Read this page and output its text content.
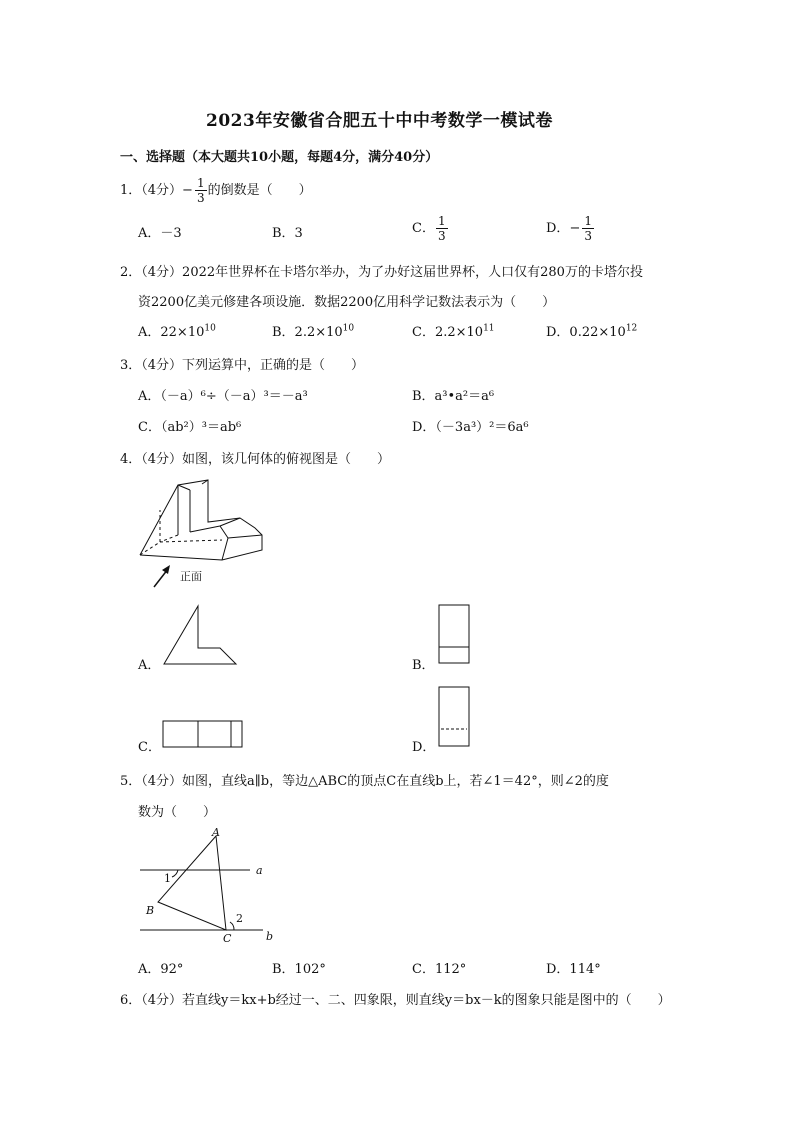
2023年安徽省合肥五十中中考数学一模试卷
一、选择题（本大题共10小题，每题4分，满分40分）
1．（4分）− $\frac{1}{3}$ 的倒数是（　　）
A．－3	B．3	C． $\frac{1}{3}$	D．− $\frac{1}{3}$
2．（4分）2022年世界杯在卡塔尔举办，为了办好这届世界杯，人口仅有280万的卡塔尔投
资2200亿美元修建各项设施．数据2200亿用科学记数法表示为（　　）
A．$22\times 10^{10}$	B．$2.2\times 10^{10}$	C．$2.2\times 10^{11}$	D．$0.22\times 10^{12}$
3．（4分）下列运算中，正确的是（　　）
A．（－a）⁶÷（－a）³＝－a³	B．a³•a²＝a⁶
C．（ab²）³＝ab⁶	D．（－3a³）²＝6a⁶
4．（4分）如图，该几何体的俯视图是（　　）
正面
A．	B．
C．	D．
5．（4分）如图，直线a∥b，等边△ABC的顶点C在直线b上，若∠1＝42°，则∠2的度
数为（　　）
A
B
C
a
b
1
2
A．92°	B．102°	C．112°	D．114°
6．（4分）若直线y＝kx+b经过一、二、四象限，则直线y＝bx－k的图象只能是图中的（　　）
